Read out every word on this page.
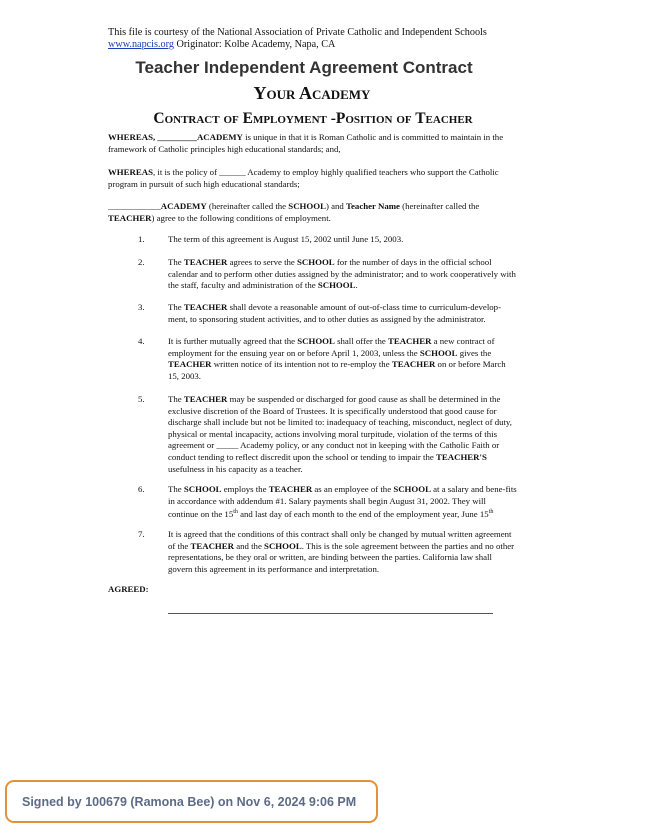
This file is courtesy of the National Association of Private Catholic and Independent Schools
www.napcis.org Originator: Kolbe Academy, Napa, CA
Teacher Independent Agreement Contract
Your Academy
Contract of Employment -Position of Teacher
WHEREAS, _________ACADEMY is unique in that it is Roman Catholic and is committed to maintain in the framework of Catholic principles high educational standards; and,
WHEREAS, it is the policy of ______ Academy to employ highly qualified teachers who support the Catholic program in pursuit of such high educational standards;
____________ACADEMY (hereinafter called the SCHOOL) and Teacher Name (hereinafter called the TEACHER) agree to the following conditions of employment.
1.	The term of this agreement is August 15, 2002 until June 15, 2003.
2.	The TEACHER agrees to serve the SCHOOL for the number of days in the official school calendar and to perform other duties assigned by the administrator; and to work cooperatively with the staff, faculty and administration of the SCHOOL.
3.	The TEACHER shall devote a reasonable amount of out-of-class time to curriculum-develop-ment, to sponsoring student activities, and to other duties as assigned by the administrator.
4.	It is further mutually agreed that the SCHOOL shall offer the TEACHER a new contract of employment for the ensuing year on or before April 1, 2003, unless the SCHOOL gives the TEACHER written notice of its intention not to re-employ the TEACHER on or before March 15, 2003.
5.	The TEACHER may be suspended or discharged for good cause as shall be determined in the exclusive discretion of the Board of Trustees. It is specifically understood that good cause for discharge shall include but not be limited to: inadequacy of teaching, misconduct, neglect of duty, physical or mental incapacity, actions involving moral turpitude, violation of the terms of this agreement or _____ Academy policy, or any conduct not in keeping with the Catholic Faith or conduct tending to reflect discredit upon the school or tending to impair the TEACHER'S usefulness in his capacity as a teacher.
6.	The SCHOOL employs the TEACHER as an employee of the SCHOOL at a salary and bene-fits in accordance with addendum #1. Salary payments shall begin August 31, 2002. They will continue on the 15th and last day of each month to the end of the employment year, June 15th
7.	It is agreed that the conditions of this contract shall only be changed by mutual written agreement of the TEACHER and the SCHOOL. This is the sole agreement between the parties and no other representations, be they oral or written, are binding between the parties. California law shall govern this agreement in its performance and interpretation.
AGREED:
Signed by 100679 (Ramona Bee) on Nov 6, 2024 9:06 PM
